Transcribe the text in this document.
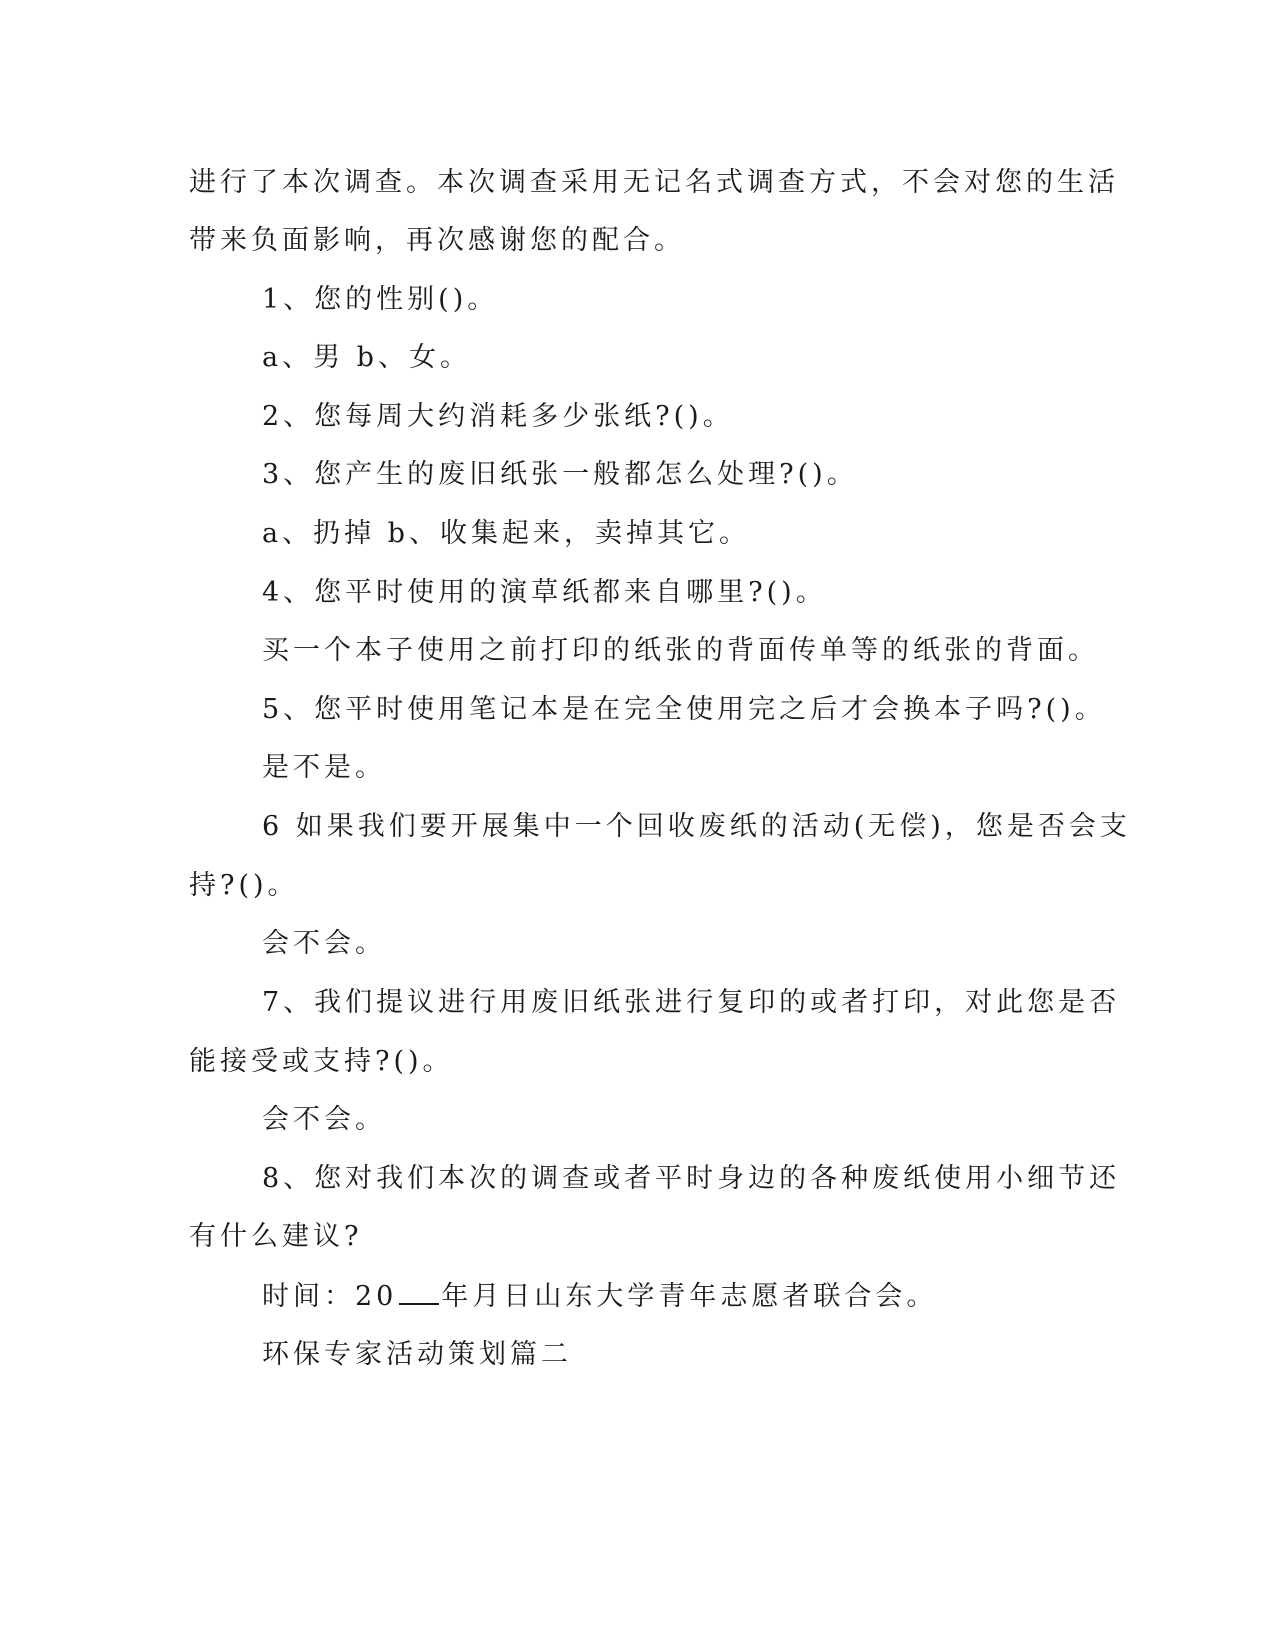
进行了本次调查。本次调查采用无记名式调查方式，不会对您的生活
带来负面影响，再次感谢您的配合。
1、您的性别()。
a、男 b、女。
2、您每周大约消耗多少张纸?()。
3、您产生的废旧纸张一般都怎么处理?()。
a、扔掉 b、收集起来，卖掉其它。
4、您平时使用的演草纸都来自哪里?()。
买一个本子使用之前打印的纸张的背面传单等的纸张的背面。
5、您平时使用笔记本是在完全使用完之后才会换本子吗?()。
是不是。
6 如果我们要开展集中一个回收废纸的活动(无偿)，您是否会支
持?()。
会不会。
7、我们提议进行用废旧纸张进行复印的或者打印，对此您是否
能接受或支持?()。
会不会。
8、您对我们本次的调查或者平时身边的各种废纸使用小细节还
有什么建议?
时间：20 年月日山东大学青年志愿者联合会。
环保专家活动策划篇二
